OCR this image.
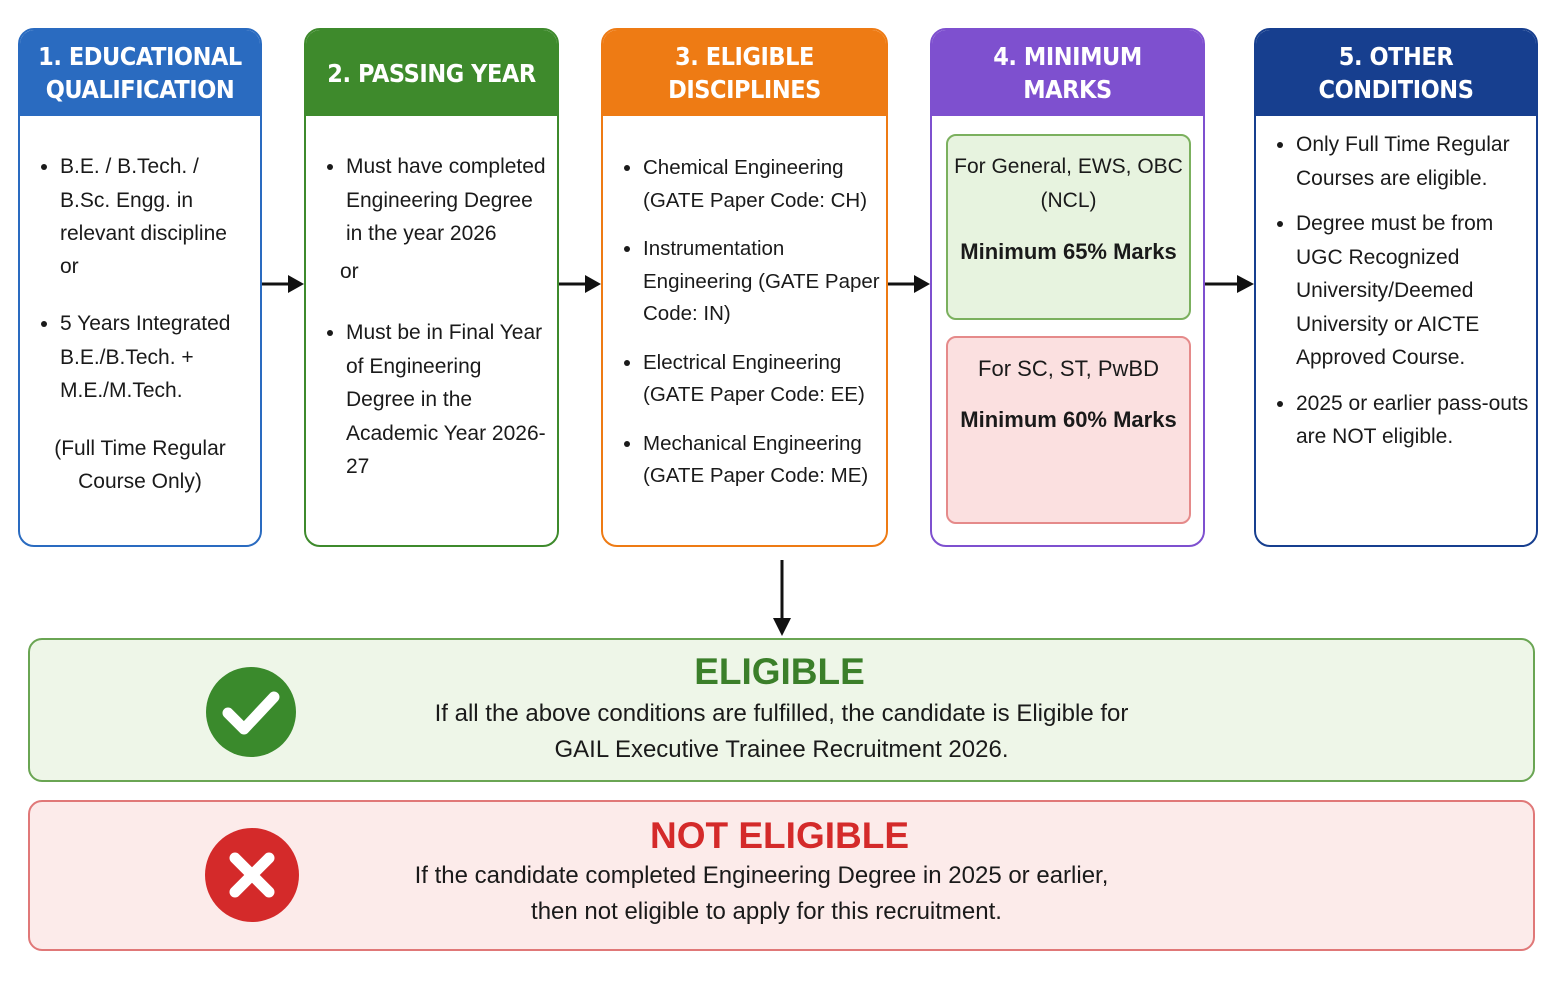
1. EDUCATIONAL QUALIFICATION
• B.E. / B.Tech. / B.Sc. Engg. in relevant discipline
or
• 5 Years Integrated B.E./B.Tech. + M.E./M.Tech.
(Full Time Regular Course Only)
2. PASSING YEAR
• Must have completed Engineering Degree in the year 2026
or
• Must be in Final Year of Engineering Degree in the Academic Year 2026-27
3. ELIGIBLE DISCIPLINES
• Chemical Engineering (GATE Paper Code: CH)
• Instrumentation Engineering (GATE Paper Code: IN)
• Electrical Engineering (GATE Paper Code: EE)
• Mechanical Engineering (GATE Paper Code: ME)
4. MINIMUM MARKS
For General, EWS, OBC (NCL)
Minimum 65% Marks
For SC, ST, PwBD
Minimum 60% Marks
5. OTHER CONDITIONS
• Only Full Time Regular Courses are eligible.
• Degree must be from UGC Recognized University/Deemed University or AICTE Approved Course.
• 2025 or earlier pass-outs are NOT eligible.
ELIGIBLE
If all the above conditions are fulfilled, the candidate is Eligible for
GAIL Executive Trainee Recruitment 2026.
NOT ELIGIBLE
If the candidate completed Engineering Degree in 2025 or earlier,
then not eligible to apply for this recruitment.
